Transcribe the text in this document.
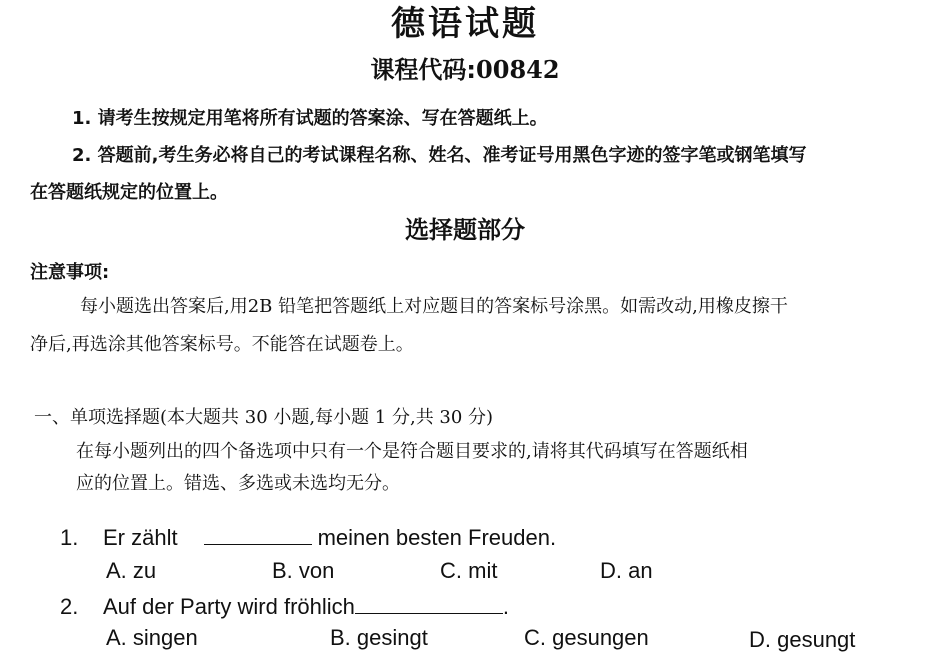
德语试题
课程代码:00842
1. 请考生按规定用笔将所有试题的答案涂、写在答题纸上。
2. 答题前,考生务必将自己的考试课程名称、姓名、准考证号用黑色字迹的签字笔或钢笔填写
在答题纸规定的位置上。
选择题部分
注意事项:
每小题选出答案后,用2B 铅笔把答题纸上对应题目的答案标号涂黑。如需改动,用橡皮擦干
净后,再选涂其他答案标号。不能答在试题卷上。
一、单项选择题(本大题共 30 小题,每小题 1 分,共 30 分)
在每小题列出的四个备选项中只有一个是符合题目要求的,请将其代码填写在答题纸相
应的位置上。错选、多选或未选均无分。
1. Er zählt	meinen besten Freuden.
A. zu	B. von	C. mit	D. an
2. Auf der Party wird fröhlich	.
A. singen	B. gesingt	C. gesungen	D. gesungt
